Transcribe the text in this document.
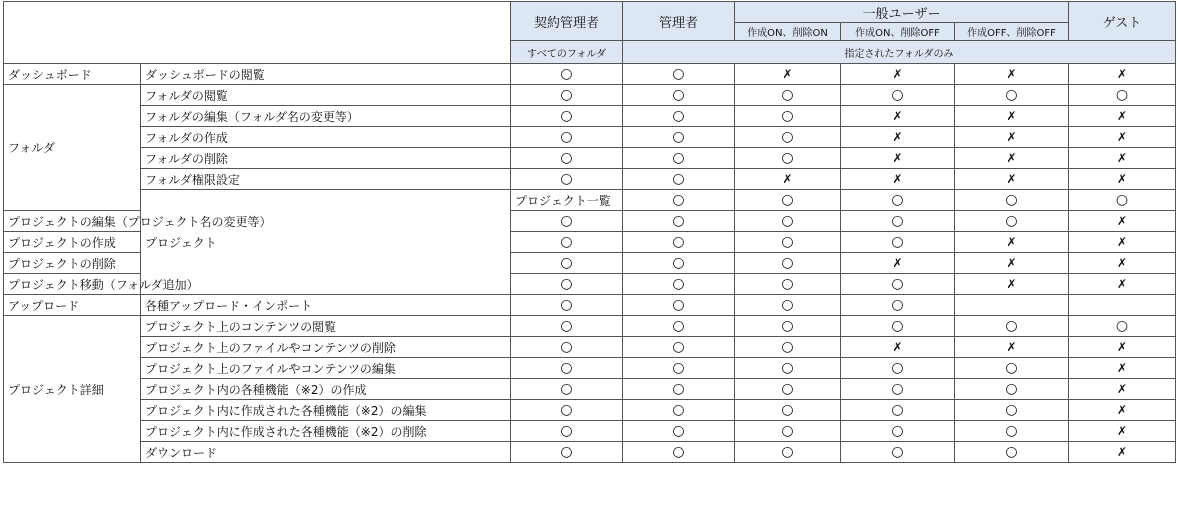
		契約管理者	管理者	一般ユーザー			ゲスト	
				作成ON、削除ON	作成ON、削除OFF	作成OFF、削除OFF		
		すべてのフォルダ	指定されたフォルダのみ					
ダッシュボード	ダッシュボードの閲覧	○	○	✗	✗	✗	✗	
フォルダ	フォルダの閲覧	○	○	○	○	○	○	
	フォルダの編集（フォルダ名の変更等）	○	○	○	✗	✗	✗	
	フォルダの作成	○	○	○	✗	✗	✗	
	フォルダの削除	○	○	○	✗	✗	✗	
	フォルダ権限設定	○	○	✗	✗	✗	✗	
	プロジェクト	プロジェクト一覧	○	○	○	○	○	
プロジェクトの編集（プロジェクト名の変更等）		○	○	○	○	○	✗	
プロジェクトの作成		○	○	○	○	✗	✗	
プロジェクトの削除		○	○	○	✗	✗	✗	
プロジェクト移動（フォルダ追加）		○	○	○	○	✗	✗	
アップロード	各種アップロード・インポート	○	○	○	○			
プロジェクト詳細	プロジェクト上のコンテンツの閲覧	○	○	○	○	○	○	
	プロジェクト上のファイルやコンテンツの削除	○	○	○	✗	✗	✗	
	プロジェクト上のファイルやコンテンツの編集	○	○	○	○	○	✗	
	プロジェクト内の各種機能（※2）の作成	○	○	○	○	○	✗	
	プロジェクト内に作成された各種機能（※2）の編集	○	○	○	○	○	✗	
	プロジェクト内に作成された各種機能（※2）の削除	○	○	○	○	○	✗	
	ダウンロード	○	○	○	○	○	✗	
